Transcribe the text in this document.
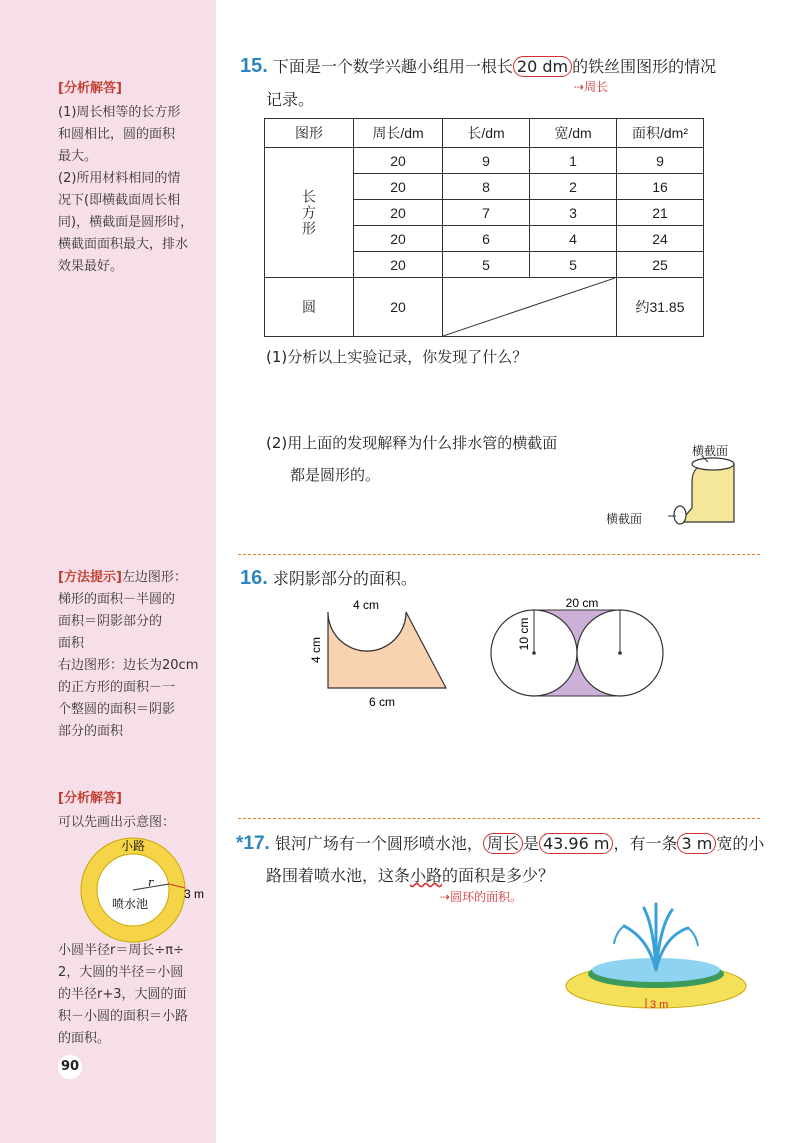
[分析解答]
(1)周长相等的长方形
和圆相比，圆的面积
最大。
(2)所用材料相同的情
况下(即横截面周长相
同)，横截面是圆形时，
横截面面积最大，排水
效果最好。
[方法提示]左边图形：
梯形的面积－半圆的
面积＝阴影部分的
面积
右边图形：边长为20cm
的正方形的面积－一
个整圆的面积＝阴影
部分的面积
[分析解答]
可以先画出示意图：
小路
喷水池
r
3 m
小圆半径r＝周长÷π÷
2，大圆的半径＝小圆
的半径r+3，大圆的面
积－小圆的面积＝小路
的面积。
90
15. 下面是一个数学兴趣小组用一根长 20 dm 的铁丝围图形的情况
记录。
⇢周长
图形	周长/dm	长/dm	宽/dm	面积/dm²
长方形	20	9	1	9
	20	8	2	16
	20	7	3	21
	20	6	4	24
	20	5	5	25
圆	20			约31.85
(1)分析以上实验记录，你发现了什么？
(2)用上面的发现解释为什么排水管的横截面
都是圆形的。
横截面
横截面
16. 求阴影部分的面积。
4 cm
4 cm
6 cm
20 cm
10 cm
*17. 银河广场有一个圆形喷水池， 周长 是 43.96 m ，有一条 3 m 宽的小
路围着喷水池，这条小路的面积是多少？
⇢圆环的面积。
3 m
